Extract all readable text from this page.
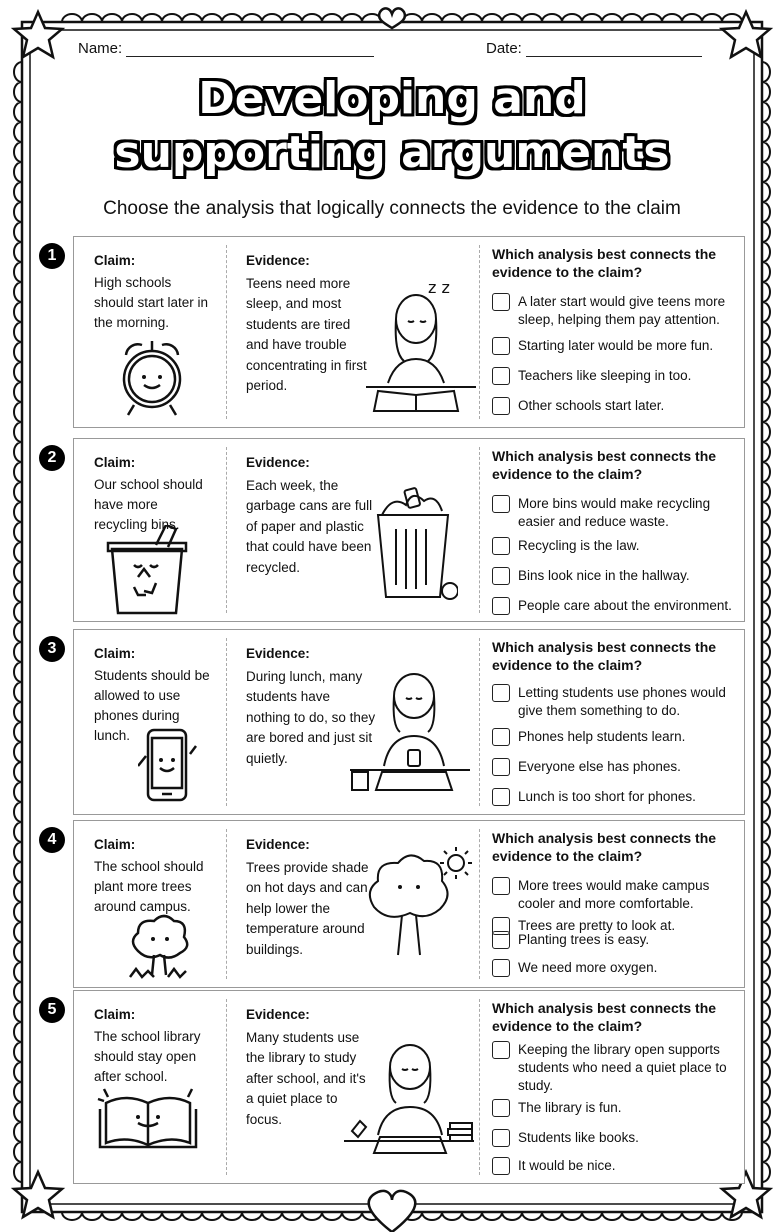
Name:	Date:
Developing and
supporting arguments
Choose the analysis that logically connects the evidence to the claim
1	Claim:
High schools should start later in the morning.
Evidence:
Teens need more sleep, and most students are tired and have trouble concentrating in first period.
Which analysis best connects the evidence to the claim?
A later start would give teens more sleep, helping them pay attention.
Starting later would be more fun.
Teachers like sleeping in too.
Other schools start later.
z z
2	Claim:
Our school should have more recycling bins.
Evidence:
Each week, the garbage cans are full of paper and plastic that could have been recycled.
Which analysis best connects the evidence to the claim?
More bins would make recycling easier and reduce waste.
Recycling is the law.
Bins look nice in the hallway.
People care about the environment.
3	Claim:
Students should be allowed to use phones during lunch.
Evidence:
During lunch, many students have nothing to do, so they are bored and just sit quietly.
Which analysis best connects the evidence to the claim?
Letting students use phones would give them something to do.
Phones help students learn.
Everyone else has phones.
Lunch is too short for phones.
4	Claim:
The school should plant more trees around campus.
Evidence:
Trees provide shade on hot days and can help lower the temperature around buildings.
Which analysis best connects the evidence to the claim?
More trees would make campus cooler and more comfortable.
Trees are pretty to look at.
Planting trees is easy.
We need more oxygen.
5	Claim:
The school library should stay open after school.
Evidence:
Many students use the library to study after school, and it's a quiet place to focus.
Which analysis best connects the evidence to the claim?
Keeping the library open supports students who need a quiet place to study.
The library is fun.
Students like books.
It would be nice.
